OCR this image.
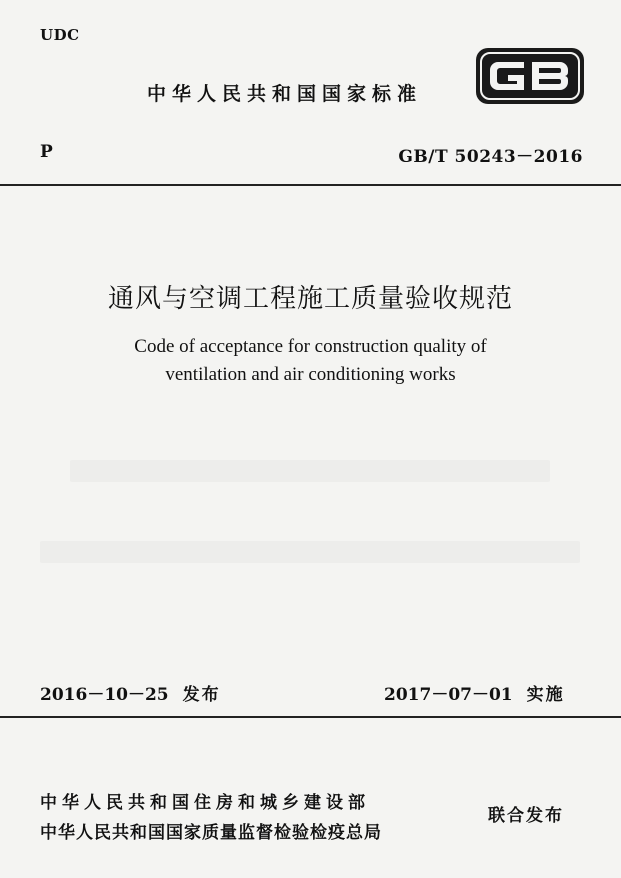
UDC
中华人民共和国国家标准
P	GB/T 50243－2016
通风与空调工程施工质量验收规范
Code of acceptance for construction quality of
ventilation and air conditioning works
2016－10－25 发布	2017－07－01 实施
中华人民共和国住房和城乡建设部
中华人民共和国国家质量监督检验检疫总局
联合发布
